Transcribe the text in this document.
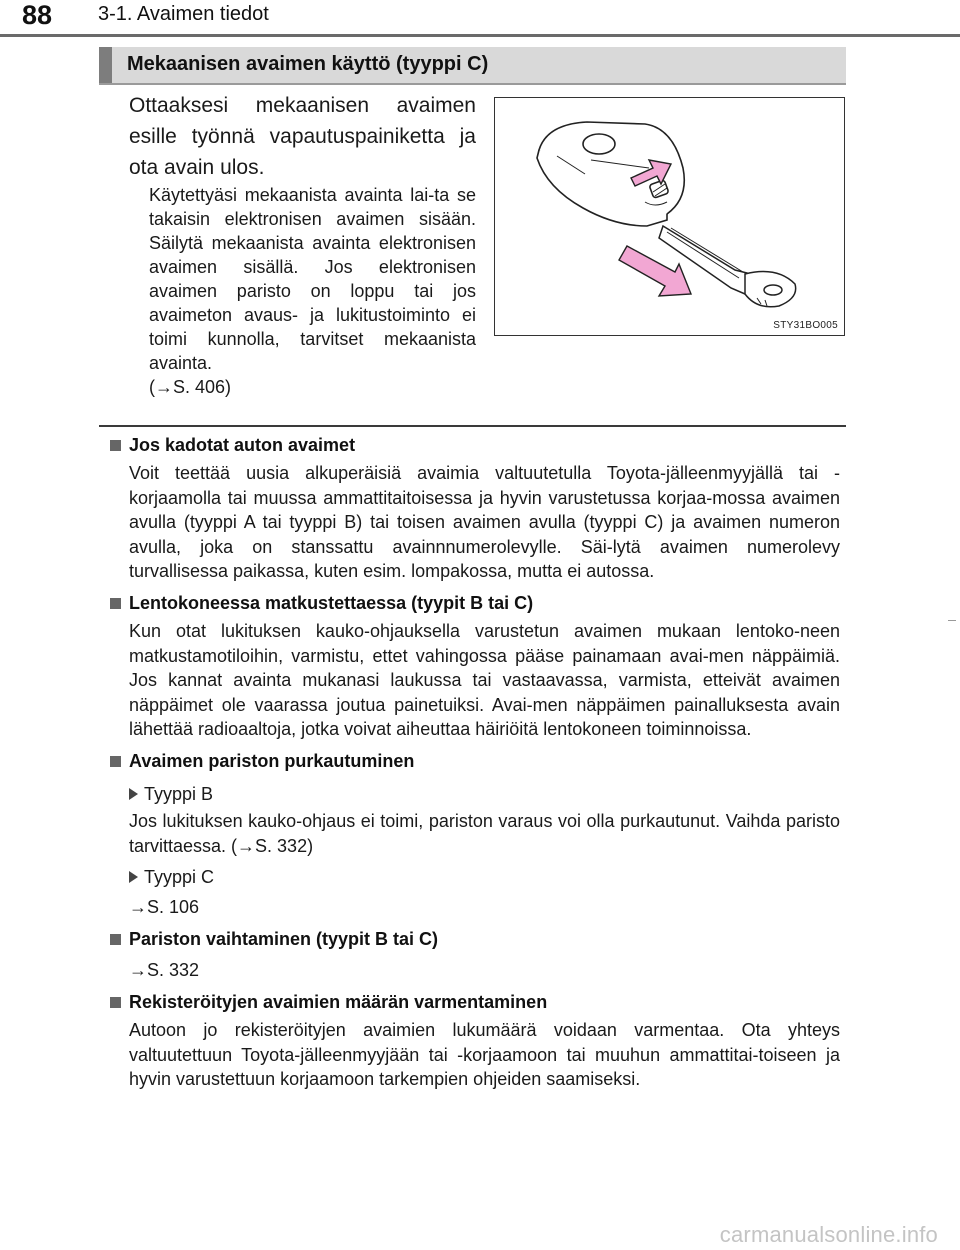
88 3-1. Avaimen tiedot
Mekaanisen avaimen käyttö (tyyppi C)
Ottaaksesi mekaanisen avaimen esille työnnä vapautuspainiketta ja ota avain ulos.
Käytettyäsi mekaanista avainta lai-ta se takaisin elektronisen avaimen sisään. Säilytä mekaanista avainta elektronisen avaimen sisällä. Jos elektronisen avaimen paristo on loppu tai jos avaimeton avaus- ja lukitustoiminto ei toimi kunnolla, tarvitset mekaanista avainta.
(→S. 406)
STY31BO005
Jos kadotat auton avaimet
Voit teettää uusia alkuperäisiä avaimia valtuutetulla Toyota-jälleenmyyjällä tai -korjaamolla tai muussa ammattitaitoisessa ja hyvin varustetussa korjaa-mossa avaimen avulla (tyyppi A tai tyyppi B) tai toisen avaimen avulla (tyyppi C) ja avaimen numeron avulla, joka on stanssattu avainnnumerolevylle. Säi-lytä avaimen numerolevy turvallisessa paikassa, kuten esim. lompakossa, mutta ei autossa.
Lentokoneessa matkustettaessa (tyypit B tai C)
Kun otat lukituksen kauko-ohjauksella varustetun avaimen mukaan lentoko-neen matkustamotiloihin, varmistu, ettet vahingossa pääse painamaan avai-men näppäimiä. Jos kannat avainta mukanasi laukussa tai vastaavassa, varmista, etteivät avaimen näppäimet ole vaarassa joutua painetuiksi. Avai-men näppäimen painalluksesta avain lähettää radioaaltoja, jotka voivat aiheuttaa häiriöitä lentokoneen toiminnoissa.
Avaimen pariston purkautuminen
Tyyppi B
Jos lukituksen kauko-ohjaus ei toimi, pariston varaus voi olla purkautunut. Vaihda paristo tarvittaessa. (→S. 332)
Tyyppi C
→S. 106
Pariston vaihtaminen (tyypit B tai C)
→S. 332
Rekisteröityjen avaimien määrän varmentaminen
Autoon jo rekisteröityjen avaimien lukumäärä voidaan varmentaa. Ota yhteys valtuutettuun Toyota-jälleenmyyjään tai -korjaamoon tai muuhun ammattitai-toiseen ja hyvin varustettuun korjaamoon tarkempien ohjeiden saamiseksi.
carmanualsonline.info
